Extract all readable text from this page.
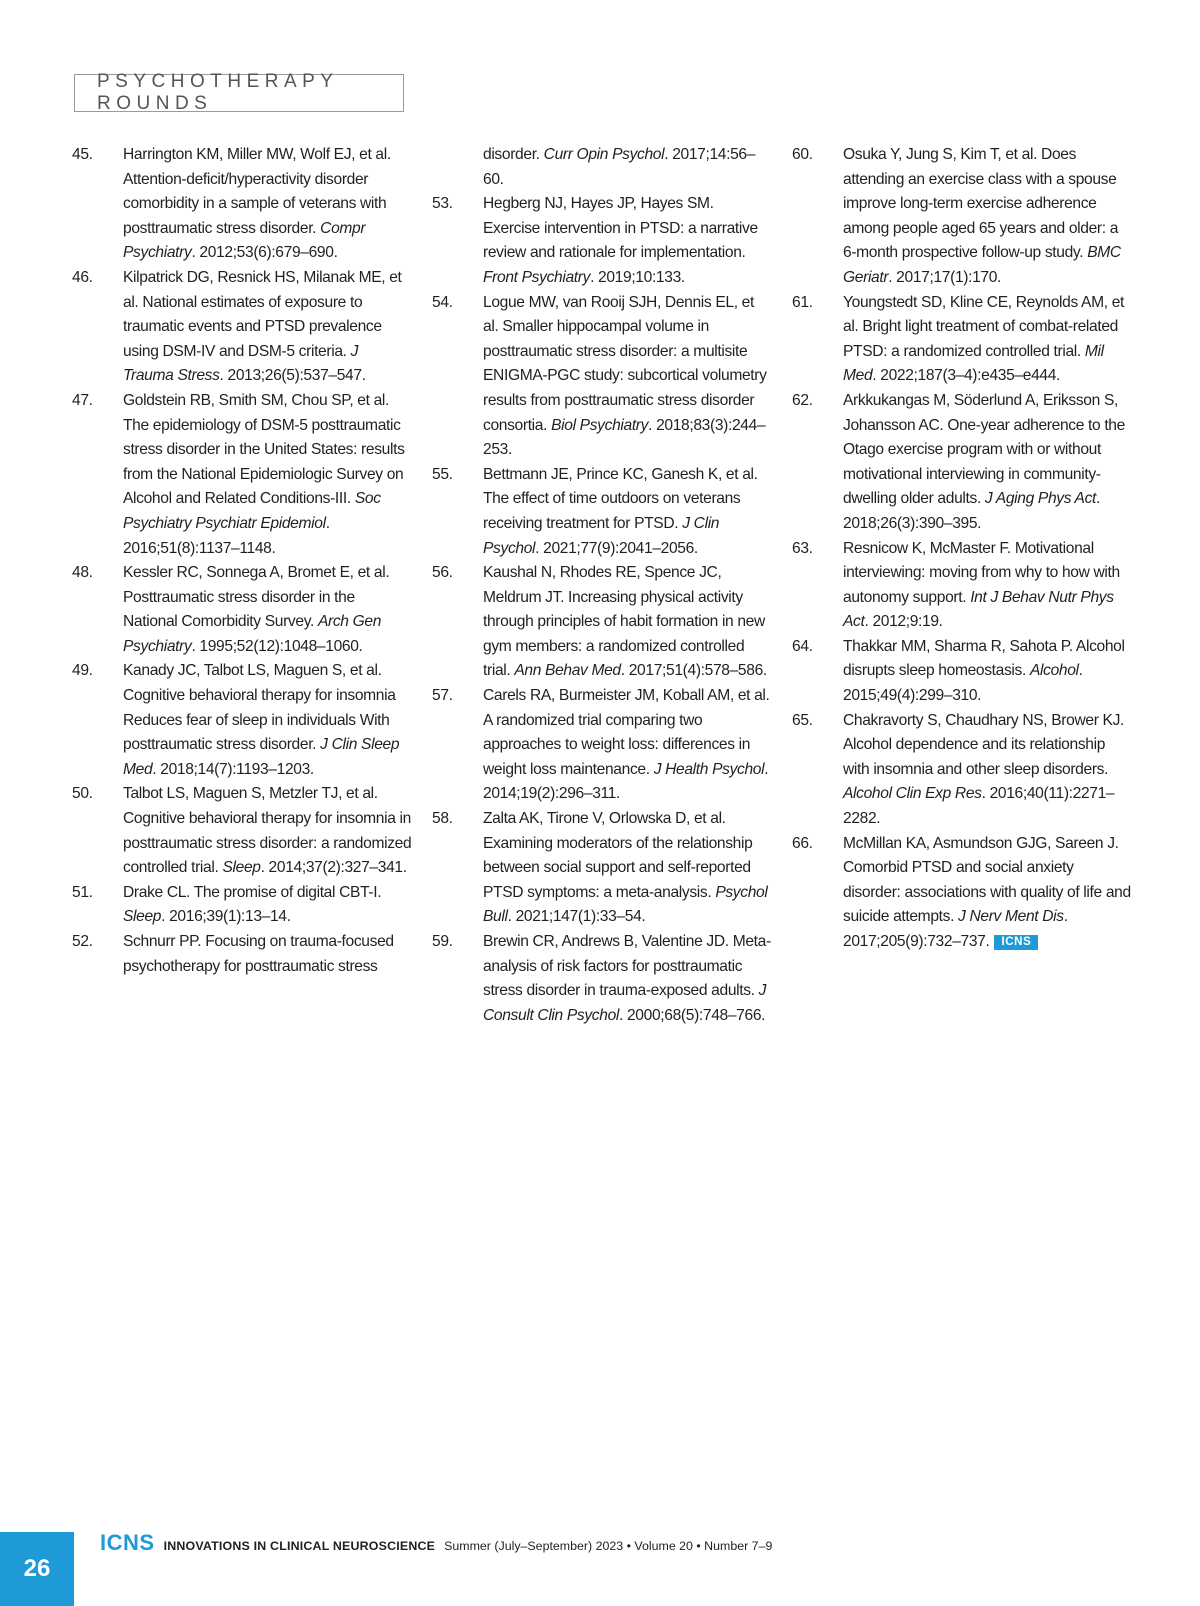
PSYCHOTHERAPY ROUNDS
45.	Harrington KM, Miller MW, Wolf EJ, et al. Attention-deficit/hyperactivity disorder comorbidity in a sample of veterans with posttraumatic stress disorder. Compr Psychiatry. 2012;53(6):679–690.
46.	Kilpatrick DG, Resnick HS, Milanak ME, et al. National estimates of exposure to traumatic events and PTSD prevalence using DSM-IV and DSM-5 criteria. J Trauma Stress. 2013;26(5):537–547.
47.	Goldstein RB, Smith SM, Chou SP, et al. The epidemiology of DSM-5 posttraumatic stress disorder in the United States: results from the National Epidemiologic Survey on Alcohol and Related Conditions-III. Soc Psychiatry Psychiatr Epidemiol. 2016;51(8):1137–1148.
48.	Kessler RC, Sonnega A, Bromet E, et al. Posttraumatic stress disorder in the National Comorbidity Survey. Arch Gen Psychiatry. 1995;52(12):1048–1060.
49.	Kanady JC, Talbot LS, Maguen S, et al. Cognitive behavioral therapy for insomnia Reduces fear of sleep in individuals With posttraumatic stress disorder. J Clin Sleep Med. 2018;14(7):1193–1203.
50.	Talbot LS, Maguen S, Metzler TJ, et al. Cognitive behavioral therapy for insomnia in posttraumatic stress disorder: a randomized controlled trial. Sleep. 2014;37(2):327–341.
51.	Drake CL. The promise of digital CBT-I. Sleep. 2016;39(1):13–14.
52.	Schnurr PP. Focusing on trauma-focused psychotherapy for posttraumatic stress
disorder. Curr Opin Psychol. 2017;14:56–60.
53.	Hegberg NJ, Hayes JP, Hayes SM. Exercise intervention in PTSD: a narrative review and rationale for implementation. Front Psychiatry. 2019;10:133.
54.	Logue MW, van Rooij SJH, Dennis EL, et al. Smaller hippocampal volume in posttraumatic stress disorder: a multisite ENIGMA-PGC study: subcortical volumetry results from posttraumatic stress disorder consortia. Biol Psychiatry. 2018;83(3):244–253.
55.	Bettmann JE, Prince KC, Ganesh K, et al. The effect of time outdoors on veterans receiving treatment for PTSD. J Clin Psychol. 2021;77(9):2041–2056.
56.	Kaushal N, Rhodes RE, Spence JC, Meldrum JT. Increasing physical activity through principles of habit formation in new gym members: a randomized controlled trial. Ann Behav Med. 2017;51(4):578–586.
57.	Carels RA, Burmeister JM, Koball AM, et al. A randomized trial comparing two approaches to weight loss: differences in weight loss maintenance. J Health Psychol. 2014;19(2):296–311.
58.	Zalta AK, Tirone V, Orlowska D, et al. Examining moderators of the relationship between social support and self-reported PTSD symptoms: a meta-analysis. Psychol Bull. 2021;147(1):33–54.
59.	Brewin CR, Andrews B, Valentine JD. Meta-analysis of risk factors for posttraumatic stress disorder in trauma-exposed adults. J Consult Clin Psychol. 2000;68(5):748–766.
60.	Osuka Y, Jung S, Kim T, et al. Does attending an exercise class with a spouse improve long-term exercise adherence among people aged 65 years and older: a 6-month prospective follow-up study. BMC Geriatr. 2017;17(1):170.
61.	Youngstedt SD, Kline CE, Reynolds AM, et al. Bright light treatment of combat-related PTSD: a randomized controlled trial. Mil Med. 2022;187(3–4):e435–e444.
62.	Arkkukangas M, Söderlund A, Eriksson S, Johansson AC. One-year adherence to the Otago exercise program with or without motivational interviewing in community-dwelling older adults. J Aging Phys Act. 2018;26(3):390–395.
63.	Resnicow K, McMaster F. Motivational interviewing: moving from why to how with autonomy support. Int J Behav Nutr Phys Act. 2012;9:19.
64.	Thakkar MM, Sharma R, Sahota P. Alcohol disrupts sleep homeostasis. Alcohol. 2015;49(4):299–310.
65.	Chakravorty S, Chaudhary NS, Brower KJ. Alcohol dependence and its relationship with insomnia and other sleep disorders. Alcohol Clin Exp Res. 2016;40(11):2271–2282.
66.	McMillan KA, Asmundson GJG, Sareen J. Comorbid PTSD and social anxiety disorder: associations with quality of life and suicide attempts. J Nerv Ment Dis. 2017;205(9):732–737. ICNS
26
ICNS INNOVATIONS IN CLINICAL NEUROSCIENCE Summer (July–September) 2023 • Volume 20 • Number 7–9
